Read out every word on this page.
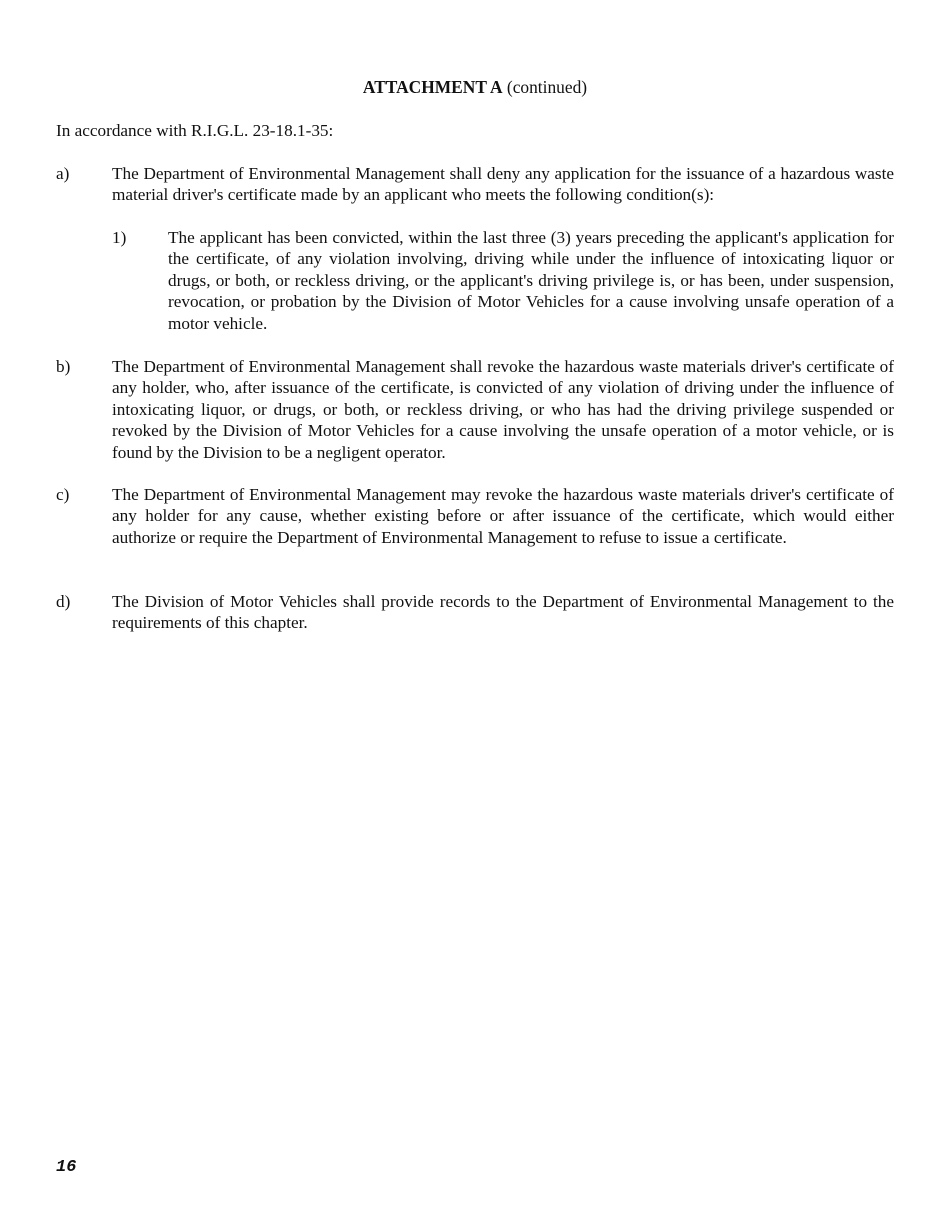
ATTACHMENT A (continued)
In accordance with R.I.G.L. 23-18.1-35:
a) The Department of Environmental Management shall deny any application for the issuance of a hazardous waste material driver's certificate made by an applicant who meets the following condition(s):
1) The applicant has been convicted, within the last three (3) years preceding the applicant's application for the certificate, of any violation involving, driving while under the influence of intoxicating liquor or drugs, or both, or reckless driving, or the applicant's driving privilege is, or has been, under suspension, revocation, or probation by the Division of Motor Vehicles for a cause involving unsafe operation of a motor vehicle.
b) The Department of Environmental Management shall revoke the hazardous waste materials driver's certificate of any holder, who, after issuance of the certificate, is convicted of any violation of driving under the influence of intoxicating liquor, or drugs, or both, or reckless driving, or who has had the driving privilege suspended or revoked by the Division of Motor Vehicles for a cause involving the unsafe operation of a motor vehicle, or is found by the Division to be a negligent operator.
c) The Department of Environmental Management may revoke the hazardous waste materials driver's certificate of any holder for any cause, whether existing before or after issuance of the certificate, which would either authorize or require the Department of Environmental Management to refuse to issue a certificate.
d) The Division of Motor Vehicles shall provide records to the Department of Environmental Management to the requirements of this chapter.
16
